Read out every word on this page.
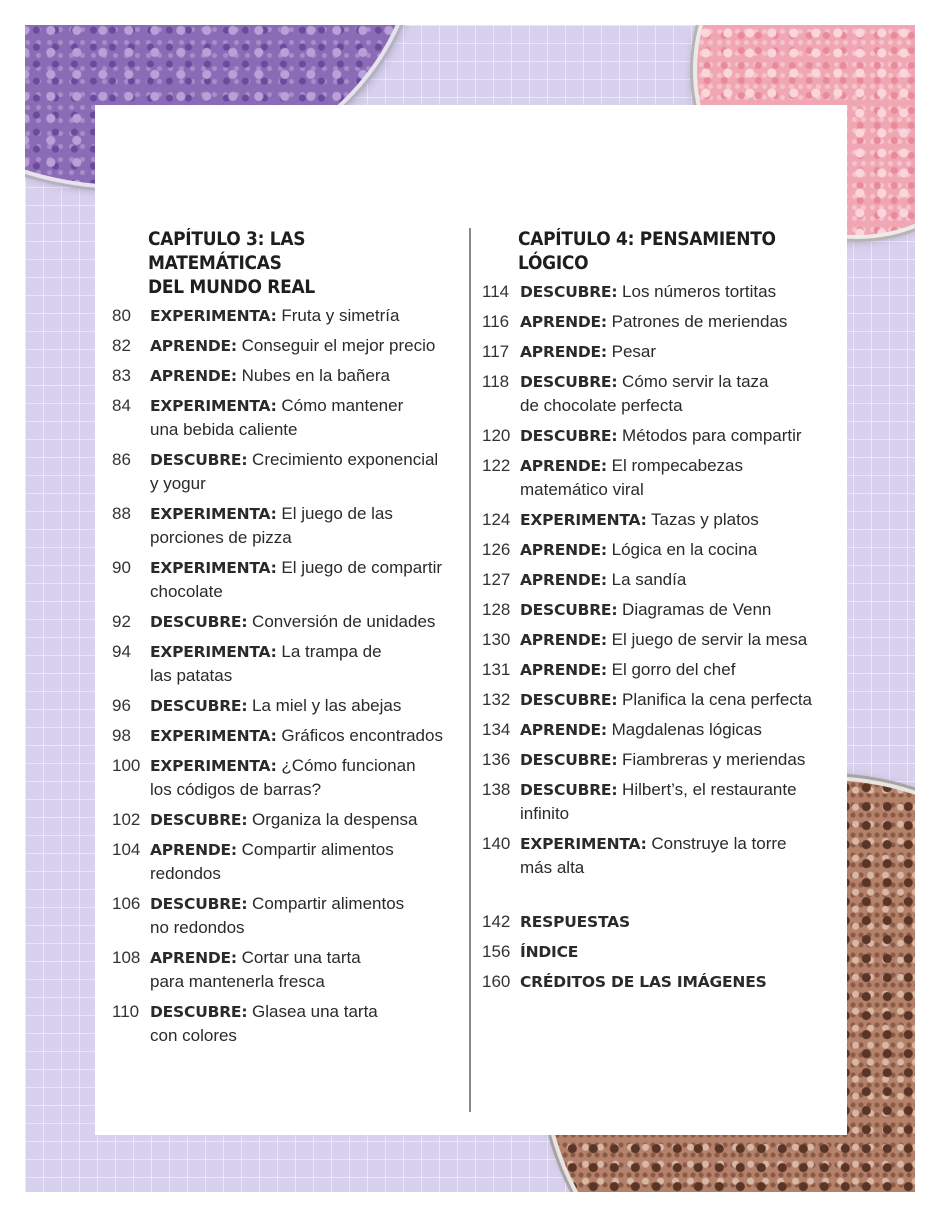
CAPÍTULO 3: LAS MATEMÁTICAS
DEL MUNDO REAL
80	EXPERIMENTA: Fruta y simetría
82	APRENDE: Conseguir el mejor precio
83	APRENDE: Nubes en la bañera
84	EXPERIMENTA: Cómo mantener
una bebida caliente
86	DESCUBRE: Crecimiento exponencial
y yogur
88	EXPERIMENTA: El juego de las
porciones de pizza
90	EXPERIMENTA: El juego de compartir
chocolate
92	DESCUBRE: Conversión de unidades
94	EXPERIMENTA: La trampa de
las patatas
96	DESCUBRE: La miel y las abejas
98	EXPERIMENTA: Gráficos encontrados
100 EXPERIMENTA: ¿Cómo funcionan
los códigos de barras?
102 DESCUBRE: Organiza la despensa
104 APRENDE: Compartir alimentos
redondos
106 DESCUBRE: Compartir alimentos
no redondos
108 APRENDE: Cortar una tarta
para mantenerla fresca
110 DESCUBRE: Glasea una tarta
con colores
CAPÍTULO 4: PENSAMIENTO LÓGICO
114 DESCUBRE: Los números tortitas
116 APRENDE: Patrones de meriendas
117 APRENDE: Pesar
118 DESCUBRE: Cómo servir la taza
de chocolate perfecta
120 DESCUBRE: Métodos para compartir
122 APRENDE: El rompecabezas
matemático viral
124 EXPERIMENTA: Tazas y platos
126 APRENDE: Lógica en la cocina
127 APRENDE: La sandía
128 DESCUBRE: Diagramas de Venn
130 APRENDE: El juego de servir la mesa
131 APRENDE: El gorro del chef
132 DESCUBRE: Planifica la cena perfecta
134 APRENDE: Magdalenas lógicas
136 DESCUBRE: Fiambreras y meriendas
138 DESCUBRE: Hilbert’s, el restaurante
infinito
140 EXPERIMENTA: Construye la torre
más alta
142 RESPUESTAS
156 ÍNDICE
160 CRÉDITOS DE LAS IMÁGENES
